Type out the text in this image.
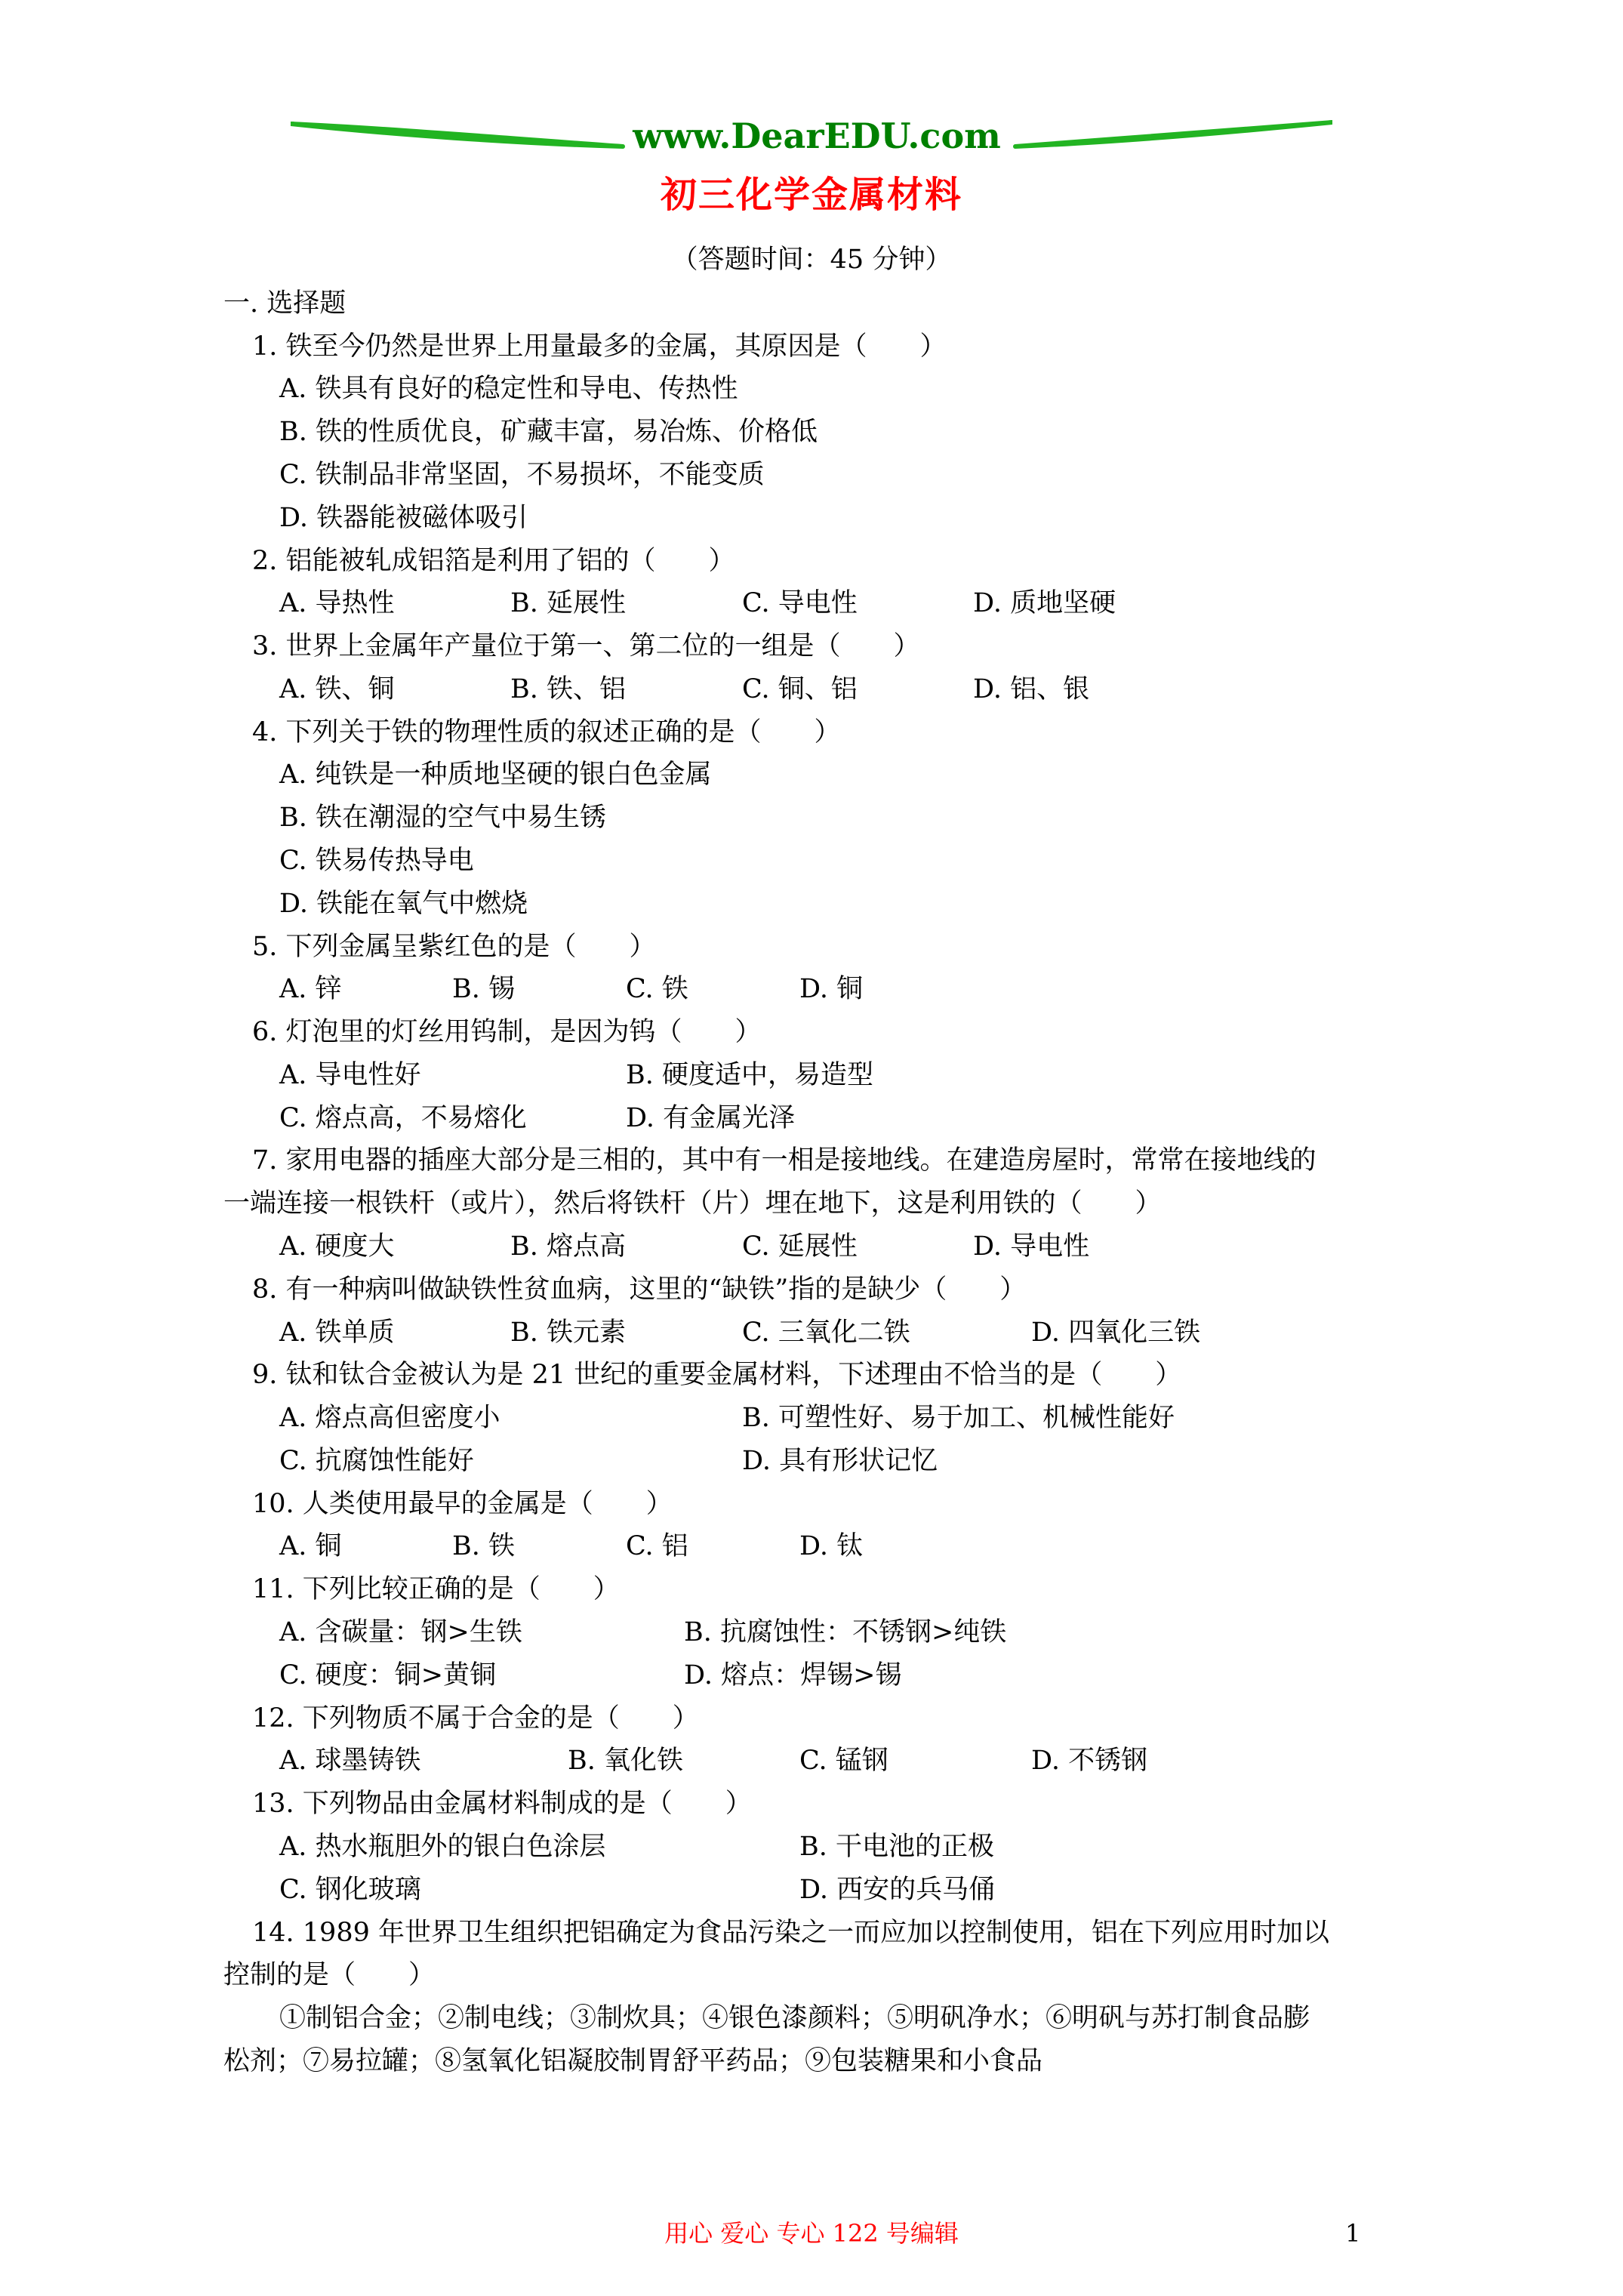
www.DearEDU.com
初三化学金属材料
（答题时间：45 分钟）
一. 选择题
1. 铁至今仍然是世界上用量最多的金属，其原因是（　　）
A. 铁具有良好的稳定性和导电、传热性
B. 铁的性质优良，矿藏丰富，易冶炼、价格低
C. 铁制品非常坚固，不易损坏，不能变质
D. 铁器能被磁体吸引
2. 铝能被轧成铝箔是利用了铝的（　　）
A. 导热性	B. 延展性	C. 导电性	D. 质地坚硬
3. 世界上金属年产量位于第一、第二位的一组是（　　）
A. 铁、铜	B. 铁、铝	C. 铜、铝	D. 铝、银
4. 下列关于铁的物理性质的叙述正确的是（　　）
A. 纯铁是一种质地坚硬的银白色金属
B. 铁在潮湿的空气中易生锈
C. 铁易传热导电
D. 铁能在氧气中燃烧
5. 下列金属呈紫红色的是（　　）
A. 锌	B. 锡	C. 铁	D. 铜
6. 灯泡里的灯丝用钨制，是因为钨（　　）
A. 导电性好	B. 硬度适中，易造型
C. 熔点高，不易熔化	D. 有金属光泽
7. 家用电器的插座大部分是三相的，其中有一相是接地线。在建造房屋时，常常在接地线的
一端连接一根铁杆（或片），然后将铁杆（片）埋在地下，这是利用铁的（　　）
A. 硬度大	B. 熔点高	C. 延展性	D. 导电性
8. 有一种病叫做缺铁性贫血病，这里的“缺铁”指的是缺少（　　）
A. 铁单质	B. 铁元素	C. 三氧化二铁	D. 四氧化三铁
9. 钛和钛合金被认为是 21 世纪的重要金属材料，下述理由不恰当的是（　　）
A. 熔点高但密度小	B. 可塑性好、易于加工、机械性能好
C. 抗腐蚀性能好	D. 具有形状记忆
10. 人类使用最早的金属是（　　）
A. 铜	B. 铁	C. 铝	D. 钛
11. 下列比较正确的是（　　）
A. 含碳量：钢>生铁	B. 抗腐蚀性：不锈钢>纯铁
C. 硬度：铜>黄铜	D. 熔点：焊锡>锡
12. 下列物质不属于合金的是（　　）
A. 球墨铸铁	B. 氧化铁	C. 锰钢	D. 不锈钢
13. 下列物品由金属材料制成的是（　　）
A. 热水瓶胆外的银白色涂层	B. 干电池的正极
C. 钢化玻璃	D. 西安的兵马俑
14. 1989 年世界卫生组织把铝确定为食品污染之一而应加以控制使用，铝在下列应用时加以
控制的是（　　）
①制铝合金；②制电线；③制炊具；④银色漆颜料；⑤明矾净水；⑥明矾与苏打制食品膨
松剂；⑦易拉罐；⑧氢氧化铝凝胶制胃舒平药品；⑨包装糖果和小食品
用心 爱心 专心 122 号编辑	1
